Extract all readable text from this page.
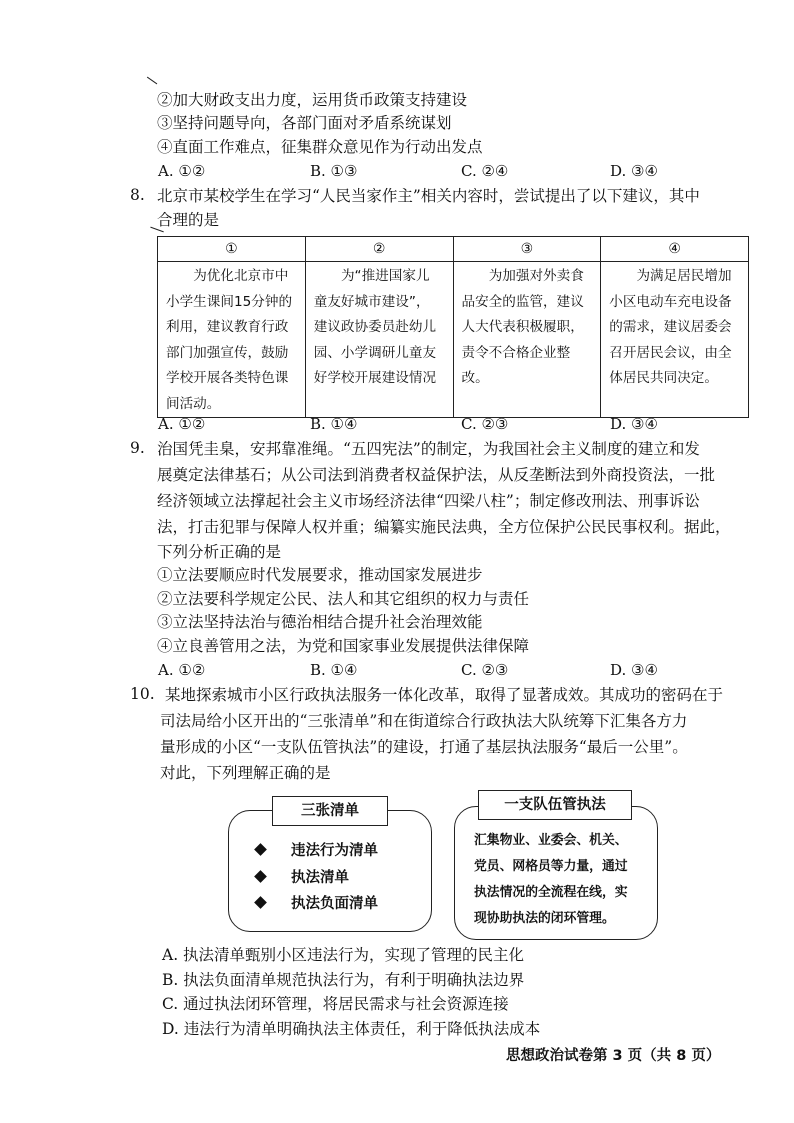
②加大财政支出力度，运用货币政策支持建设
③坚持问题导向，各部门面对矛盾系统谋划
④直面工作难点，征集群众意见作为行动出发点
A. ①②	B. ①③	C. ②④	D. ③④
8. 北京市某校学生在学习“人民当家作主”相关内容时，尝试提出了以下建议，其中
合理的是
①	②	③	④
为优化北京市中小学生课间15分钟的利用，建议教育行政部门加强宣传，鼓励学校开展各类特色课间活动。	为“推进国家儿童友好城市建设”，建议政协委员赴幼儿园、小学调研儿童友好学校开展建设情况	为加强对外卖食品安全的监管，建议人大代表积极履职，责令不合格企业整改。	为满足居民增加小区电动车充电设备的需求，建议居委会召开居民会议，由全体居民共同决定。
A. ①②	B. ①④	C. ②③	D. ③④
9. 治国凭圭臬，安邦靠准绳。“五四宪法”的制定，为我国社会主义制度的建立和发
展奠定法律基石；从公司法到消费者权益保护法，从反垄断法到外商投资法，一批
经济领域立法撑起社会主义市场经济法律“四梁八柱”；制定修改刑法、刑事诉讼
法，打击犯罪与保障人权并重；编纂实施民法典，全方位保护公民民事权利。据此，
下列分析正确的是
①立法要顺应时代发展要求，推动国家发展进步
②立法要科学规定公民、法人和其它组织的权力与责任
③立法坚持法治与德治相结合提升社会治理效能
④立良善管用之法，为党和国家事业发展提供法律保障
A. ①②	B. ①④	C. ②③	D. ③④
10. 某地探索城市小区行政执法服务一体化改革，取得了显著成效。其成功的密码在于
司法局给小区开出的“三张清单”和在街道综合行政执法大队统筹下汇集各方力
量形成的小区“一支队伍管执法”的建设，打通了基层执法服务“最后一公里”。
对此，下列理解正确的是
三张清单
违法行为清单
执法清单
执法负面清单
一支队伍管执法
汇集物业、业委会、机关、
党员、网格员等力量，通过
执法情况的全流程在线，实
现协助执法的闭环管理。
A. 执法清单甄别小区违法行为，实现了管理的民主化
B. 执法负面清单规范执法行为，有利于明确执法边界
C. 通过执法闭环管理，将居民需求与社会资源连接
D. 违法行为清单明确执法主体责任，利于降低执法成本
思想政治试卷第 3 页（共 8 页）
